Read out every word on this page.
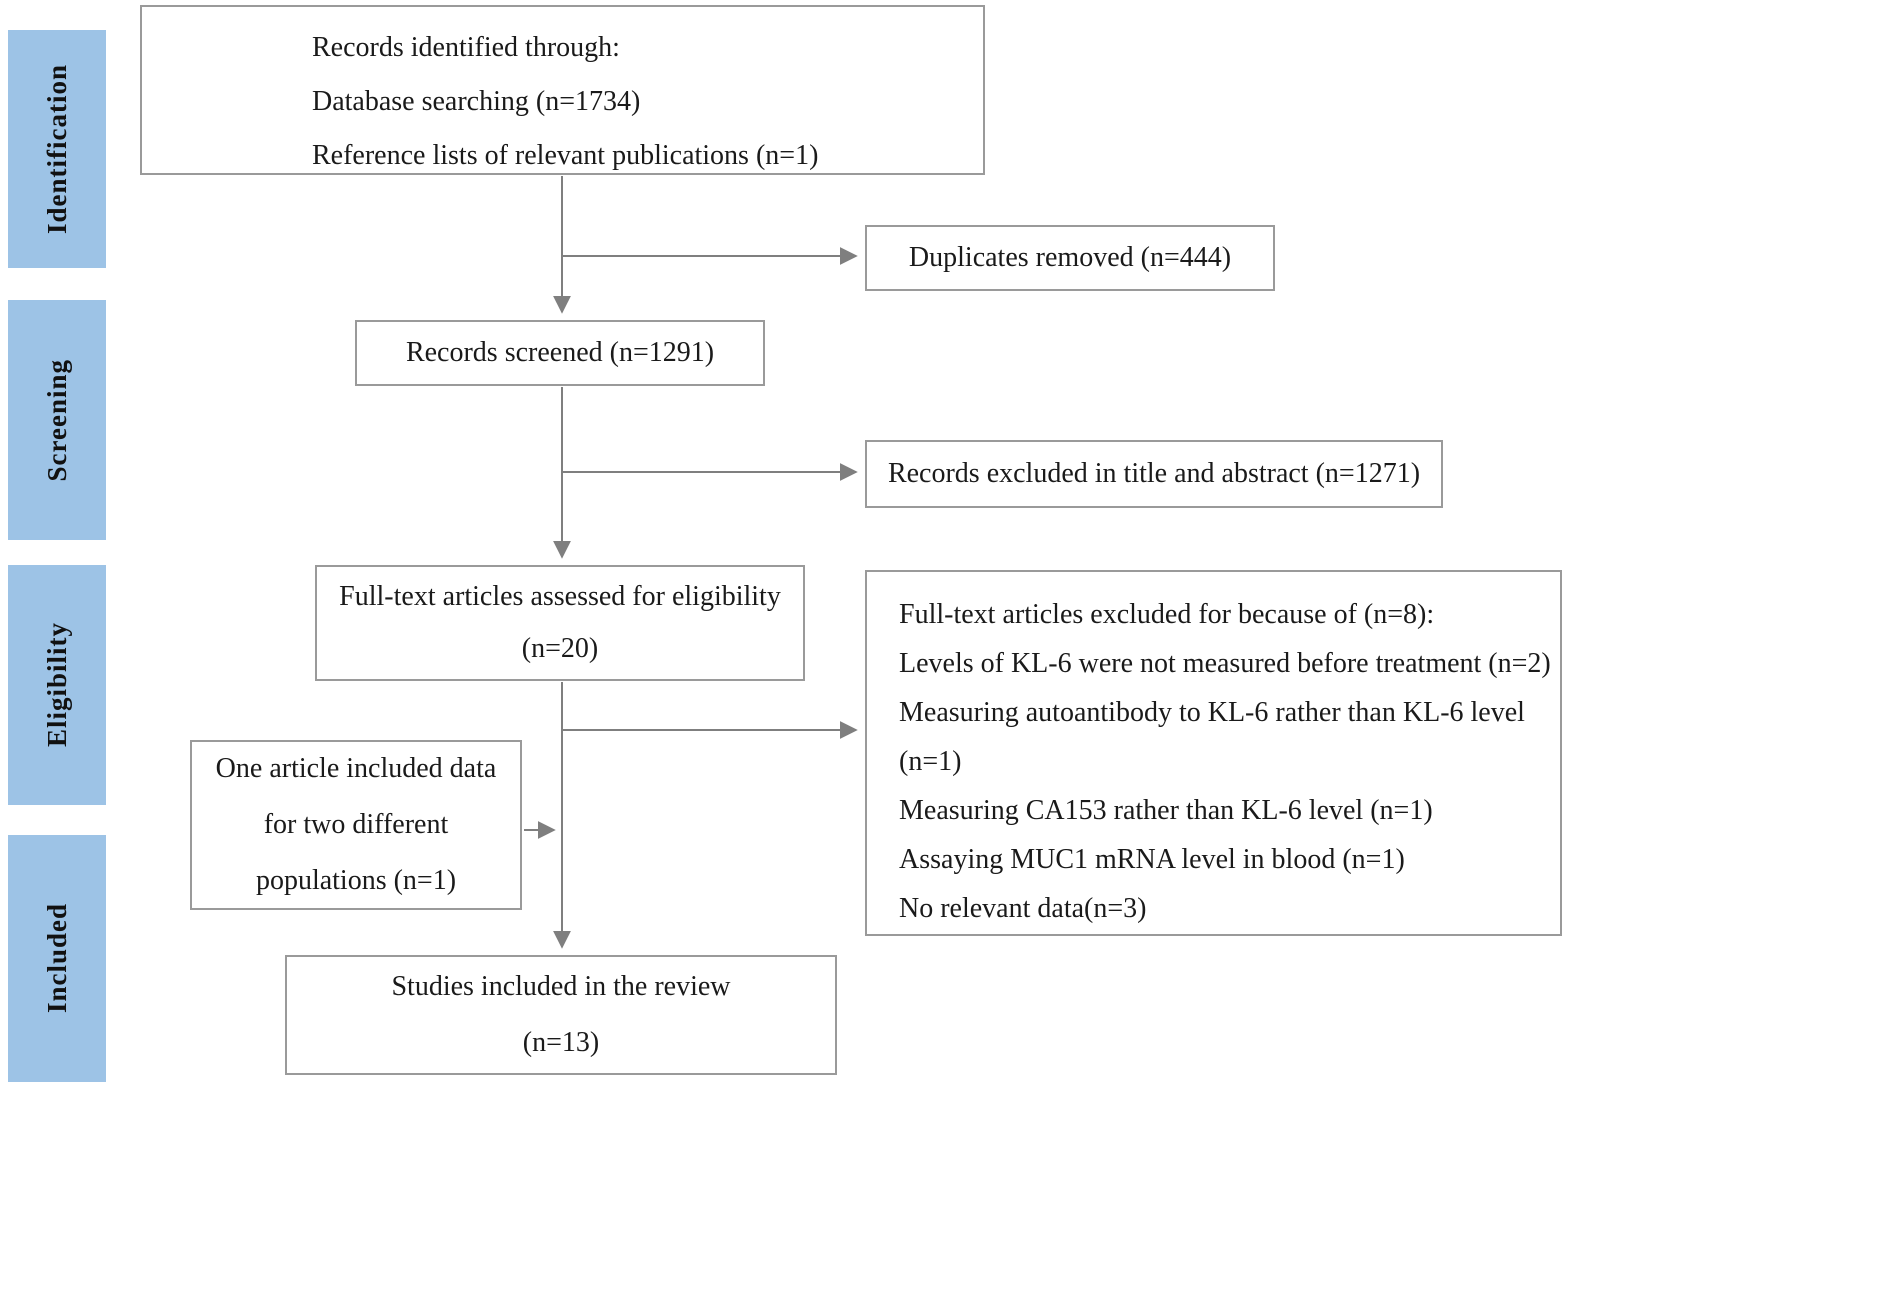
Identification
Screening
Eligibility
Included
Records identified through:
Database searching (n=1734)
Reference lists of relevant publications (n=1)
Duplicates removed (n=444)
Records screened (n=1291)
Records excluded in title and abstract (n=1271)
Full-text articles assessed for eligibility
(n=20)
Full-text articles excluded for because of (n=8):
Levels of KL-6 were not measured before treatment (n=2)
Measuring autoantibody to KL-6 rather than KL-6 level
(n=1)
Measuring CA153 rather than KL-6 level (n=1)
Assaying MUC1 mRNA level in blood (n=1)
No relevant data(n=3)
One article included data
for two different
populations (n=1)
Studies included in the review
(n=13)
